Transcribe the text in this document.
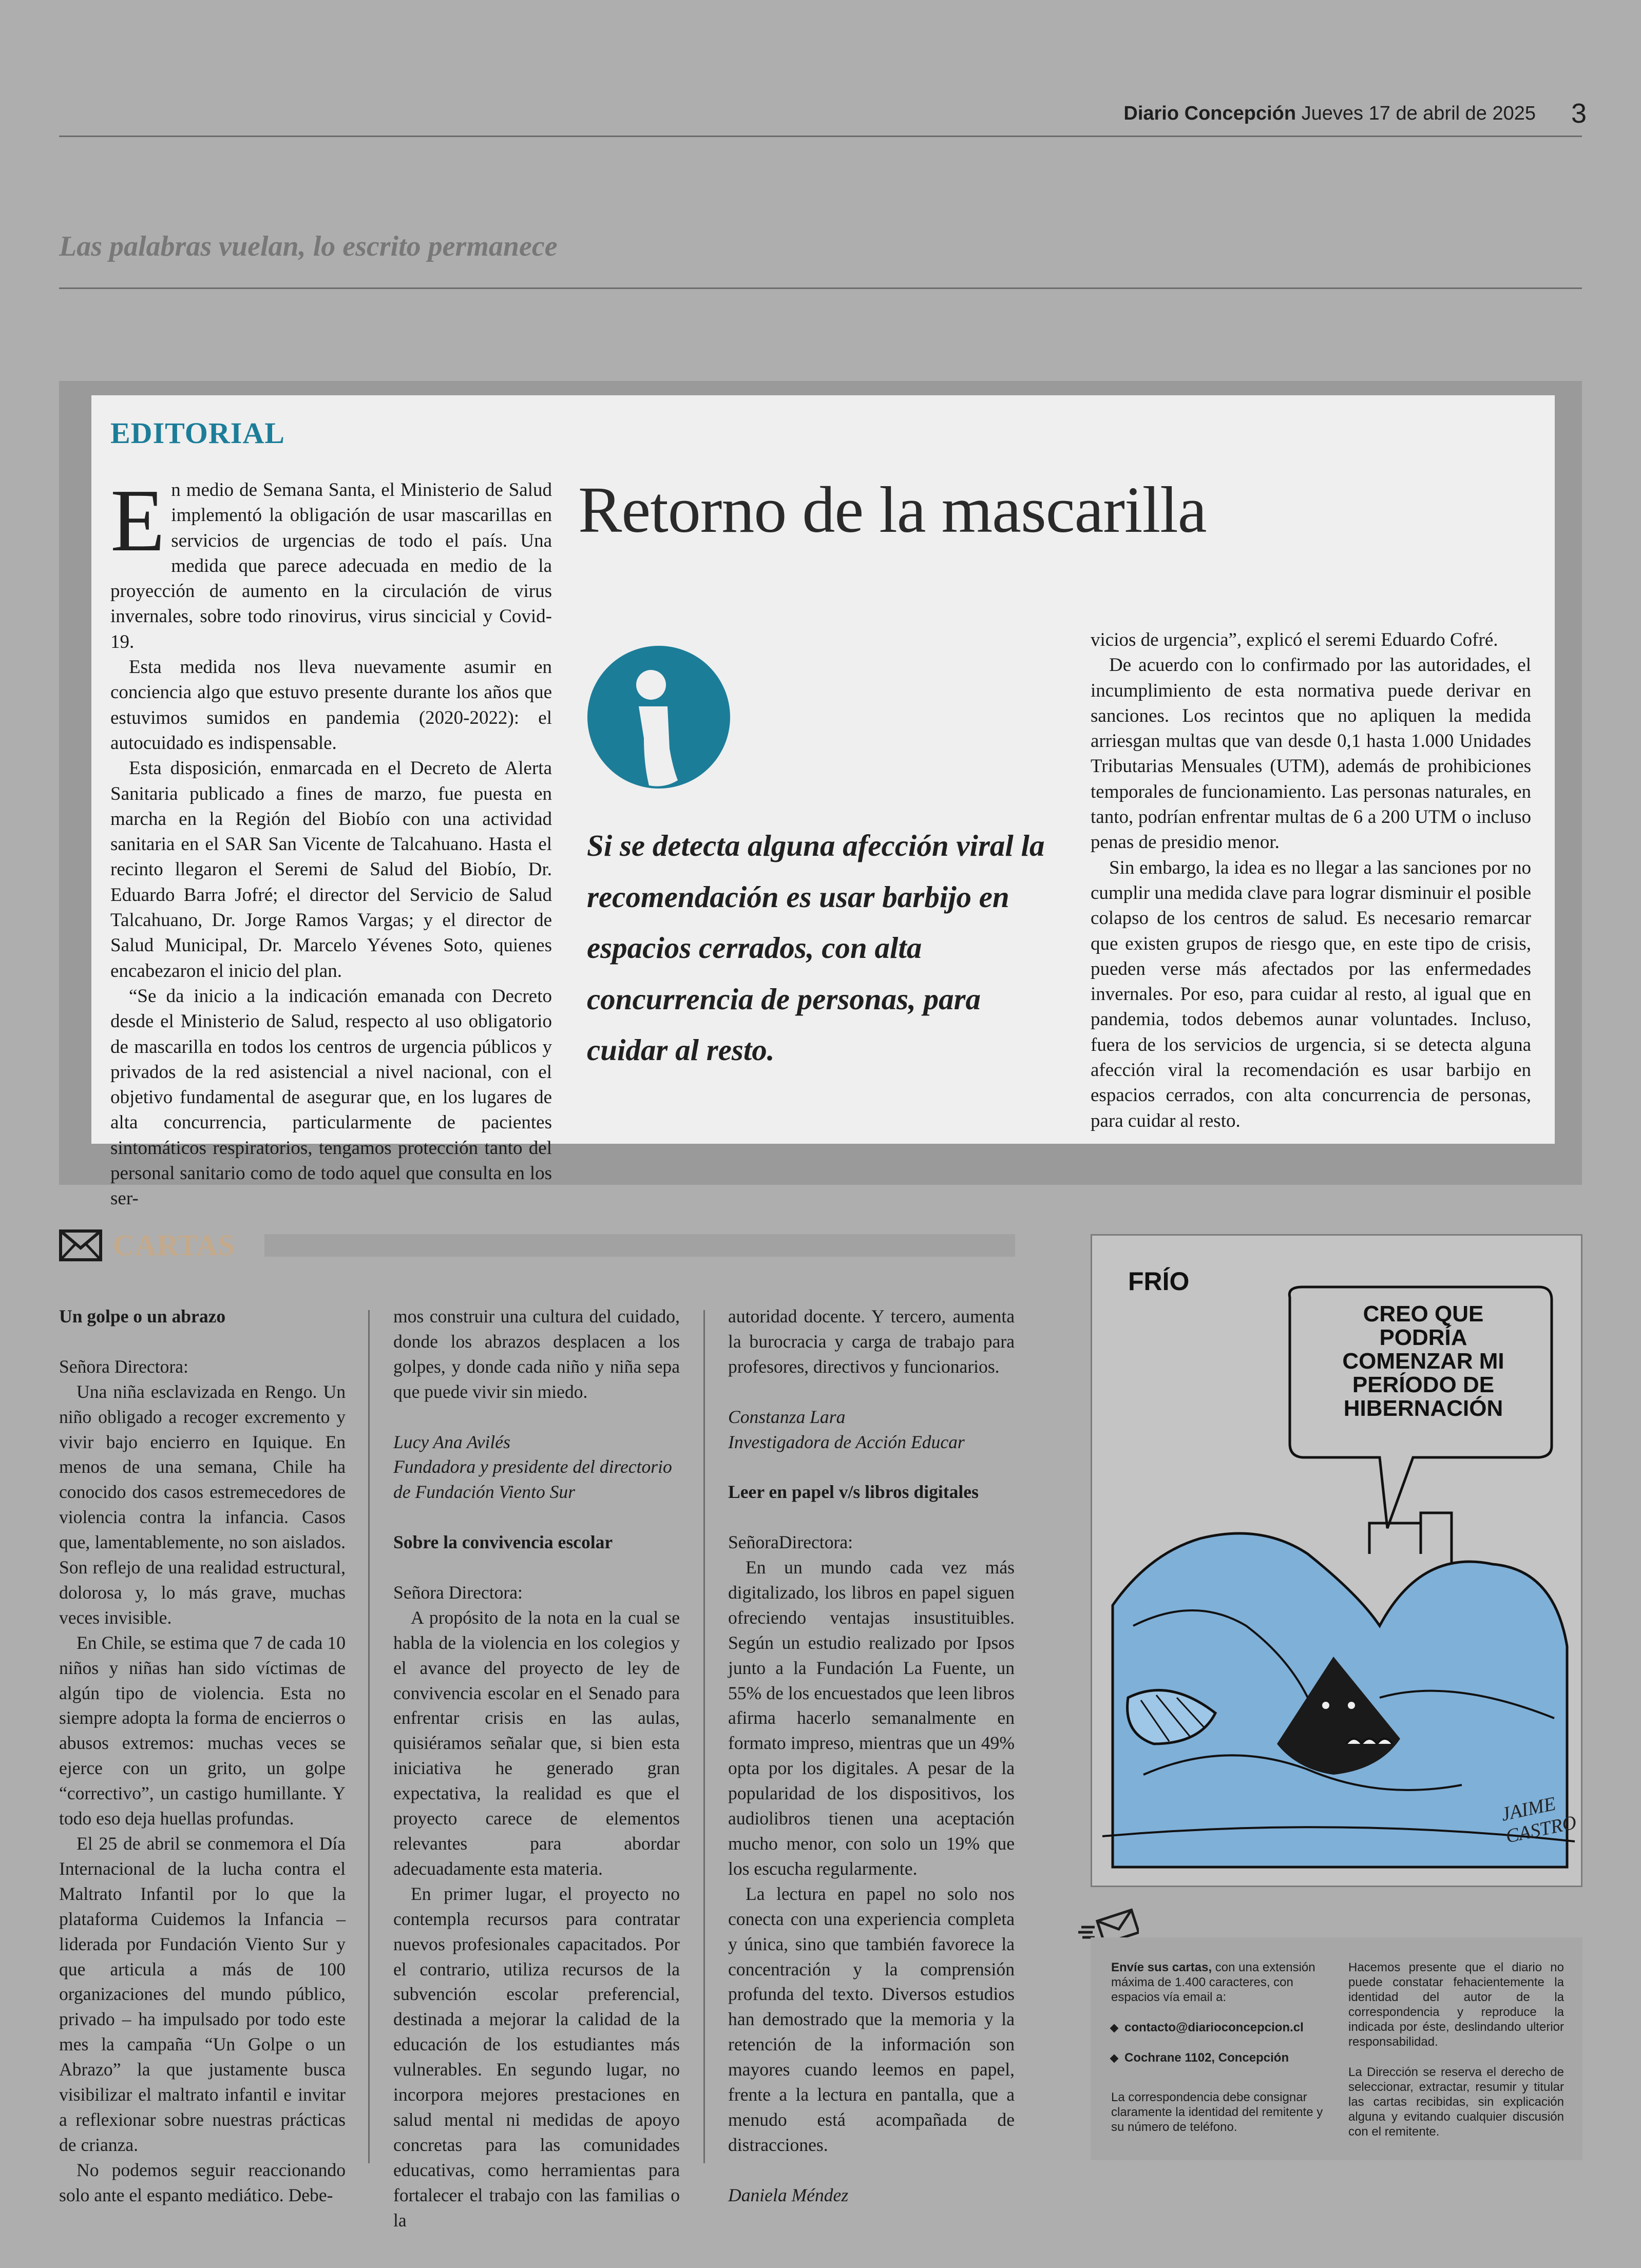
Diario Concepción Jueves 17 de abril de 2025 3
Las palabras vuelan, lo escrito permanece
EDITORIAL
Retorno de la mascarilla

En medio de Semana Santa, el Ministerio de Salud implementó la obligación de usar mascarillas en servicios de urgencias de todo el país. Una medida que parece adecuada en medio de la proyección de aumento en la circulación de virus invernales, sobre todo rinovirus, virus sincicial y Covid-19.

Esta medida nos lleva nuevamente asumir en conciencia algo que estuvo presente durante los años que estuvimos sumidos en pandemia (2020-2022): el autocuidado es indispensable.

Esta disposición, enmarcada en el Decreto de Alerta Sanitaria publicado a fines de marzo, fue puesta en marcha en la Región del Biobío con una actividad sanitaria en el SAR San Vicente de Talcahuano. Hasta el recinto llegaron el Seremi de Salud del Biobío, Dr. Eduardo Barra Jofré; el director del Servicio de Salud Talcahuano, Dr. Jorge Ramos Vargas; y el director de Salud Municipal, Dr. Marcelo Yévenes Soto, quienes encabezaron el inicio del plan.

“Se da inicio a la indicación emanada con Decreto desde el Ministerio de Salud, respecto al uso obligatorio de mascarilla en todos los centros de urgencia públicos y privados de la red asistencial a nivel nacional, con el objetivo fundamental de asegurar que, en los lugares de alta concurrencia, particularmente de pacientes sintomáticos respiratorios, tengamos protección tanto del personal sanitario como de todo aquel que consulta en los ser-

Si se detecta alguna afección viral la recomendación es usar barbijo en espacios cerrados, con alta concurrencia de personas, para cuidar al resto.

vicios de urgencia”, explicó el seremi Eduardo Cofré.

De acuerdo con lo confirmado por las autoridades, el incumplimiento de esta normativa puede derivar en sanciones. Los recintos que no apliquen la medida arriesgan multas que van desde 0,1 hasta 1.000 Unidades Tributarias Mensuales (UTM), además de prohibiciones temporales de funcionamiento. Las personas naturales, en tanto, podrían enfrentar multas de 6 a 200 UTM o incluso penas de presidio menor.

Sin embargo, la idea es no llegar a las sanciones por no cumplir una medida clave para lograr disminuir el posible colapso de los centros de salud. Es necesario remarcar que existen grupos de riesgo que, en este tipo de crisis, pueden verse más afectados por las enfermedades invernales. Por eso, para cuidar al resto, al igual que en pandemia, todos debemos aunar voluntades. Incluso, fuera de los servicios de urgencia, si se detecta alguna afección viral la recomendación es usar barbijo en espacios cerrados, con alta concurrencia de personas, para cuidar al resto.

CARTAS

Un golpe o un abrazo

Señora Directora:

Una niña esclavizada en Rengo. Un niño obligado a recoger excremento y vivir bajo encierro en Iquique. En menos de una semana, Chile ha conocido dos casos estremecedores de violencia contra la infancia. Casos que, lamentablemente, no son aislados. Son reflejo de una realidad estructural, dolorosa y, lo más grave, muchas veces invisible.

En Chile, se estima que 7 de cada 10 niños y niñas han sido víctimas de algún tipo de violencia. Esta no siempre adopta la forma de encierros o abusos extremos: muchas veces se ejerce con un grito, un golpe “correctivo”, un castigo humillante. Y todo eso deja huellas profundas.

El 25 de abril se conmemora el Día Internacional de la lucha contra el Maltrato Infantil por lo que la plataforma Cuidemos la Infancia – liderada por Fundación Viento Sur y que articula a más de 100 organizaciones del mundo público, privado – ha impulsado por todo este mes la campaña “Un Golpe o un Abrazo” la que justamente busca visibilizar el maltrato infantil e invitar a reflexionar sobre nuestras prácticas de crianza.

No podemos seguir reaccionando solo ante el espanto mediático. Debe-

mos construir una cultura del cuidado, donde los abrazos desplacen a los golpes, y donde cada niño y niña sepa que puede vivir sin miedo.

Lucy Ana Avilés

Fundadora y presidente del directorio

de Fundación Viento Sur

Sobre la convivencia escolar

Señora Directora:

A propósito de la nota en la cual se habla de la violencia en los colegios y el avance del proyecto de ley de convivencia escolar en el Senado para enfrentar crisis en las aulas, quisiéramos señalar que, si bien esta iniciativa he generado gran expectativa, la realidad es que el proyecto carece de elementos relevantes para abordar adecuadamente esta materia.

En primer lugar, el proyecto no contempla recursos para contratar nuevos profesionales capacitados. Por el contrario, utiliza recursos de la subvención escolar preferencial, destinada a mejorar la calidad de la educación de los estudiantes más vulnerables. En segundo lugar, no incorpora mejores prestaciones en salud mental ni medidas de apoyo concretas para las comunidades educativas, como herramientas para fortalecer el trabajo con las familias o la

autoridad docente. Y tercero, aumenta la burocracia y carga de trabajo para profesores, directivos y funcionarios.

Constanza Lara

Investigadora de Acción Educar

Leer en papel v/s libros digitales

SeñoraDirectora:

En un mundo cada vez más digitalizado, los libros en papel siguen ofreciendo ventajas insustituibles. Según un estudio realizado por Ipsos junto a la Fundación La Fuente, un 55% de los encuestados que leen libros afirma hacerlo semanalmente en formato impreso, mientras que un 49% opta por los digitales. A pesar de la popularidad de los dispositivos, los audiolibros tienen una aceptación mucho menor, con solo un 19% que los escucha regularmente.

La lectura en papel no solo nos conecta con una experiencia completa y única, sino que también favorece la concentración y la comprensión profunda del texto. Diversos estudios han demostrado que la memoria y la retención de la información son mayores cuando leemos en papel, frente a la lectura en pantalla, que a menudo está acompañada de distracciones.

Daniela Méndez

FRÍO
CREO QUE PODRÍA COMENZAR MI PERÍODO DE HIBERNACIÓN
JAIME CASTRO

Envíe sus cartas, con una extensión máxima de 1.400 caracteres, con espacios vía email a:

contacto@diarioconcepcion.cl

Cochrane 1102, Concepción

La correspondencia debe consignar claramente la identidad del remitente y su número de teléfono.

Hacemos presente que el diario no puede constatar fehacientemente la identidad del autor de la correspondencia y reproduce la indicada por éste, deslindando ulterior responsabilidad.

La Dirección se reserva el derecho de seleccionar, extractar, resumir y titular las cartas recibidas, sin explicación alguna y evitando cualquier discusión con el remitente.
